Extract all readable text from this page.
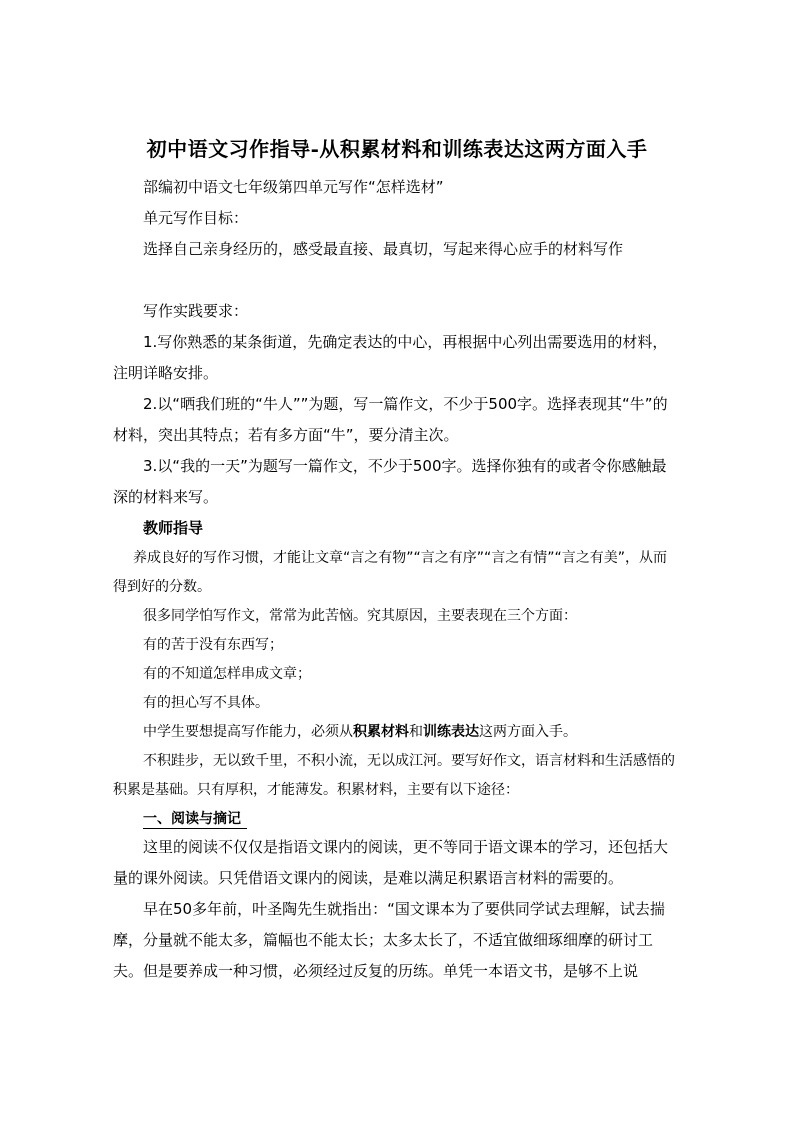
初中语文习作指导-从积累材料和训练表达这两方面入手

部编初中语文七年级第四单元写作“怎样选材”

单元写作目标：

选择自己亲身经历的，感受最直接、最真切，写起来得心应手的材料写作

写作实践要求：

1.写你熟悉的某条街道，先确定表达的中心，再根据中心列出需要选用的材料，注明详略安排。

2.以“晒我们班的“牛人””为题，写一篇作文，不少于500字。选择表现其“牛”的材料，突出其特点；若有多方面“牛”，要分清主次。

3.以“我的一天”为题写一篇作文，不少于500字。选择你独有的或者令你感触最深的材料来写。

教师指导

养成良好的写作习惯，才能让文章“言之有物”“言之有序”“言之有情”“言之有美”，从而得到好的分数。

很多同学怕写作文，常常为此苦恼。究其原因，主要表现在三个方面：

有的苦于没有东西写；

有的不知道怎样串成文章；

有的担心写不具体。

中学生要想提高写作能力，必须从积累材料和训练表达这两方面入手。

不积跬步，无以致千里，不积小流，无以成江河。要写好作文，语言材料和生活感悟的积累是基础。只有厚积，才能薄发。积累材料，主要有以下途径：

一、阅读与摘记

这里的阅读不仅仅是指语文课内的阅读，更不等同于语文课本的学习，还包括大量的课外阅读。只凭借语文课内的阅读，是难以满足积累语言材料的需要的。

早在50多年前，叶圣陶先生就指出：“国文课本为了要供同学试去理解，试去揣摩，分量就不能太多，篇幅也不能太长；太多太长了，不适宜做细琢细摩的研讨工夫。但是要养成一种习惯，必须经过反复的历练。单凭一本语文书，是够不上说
